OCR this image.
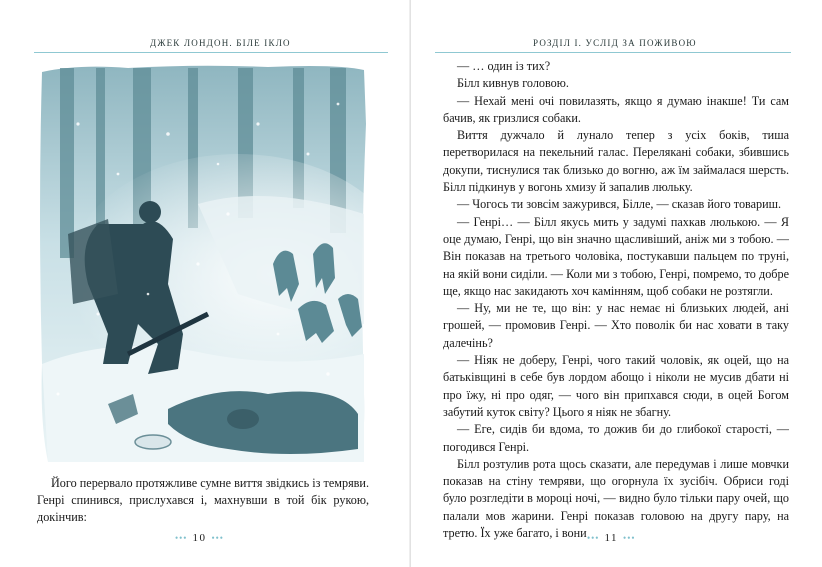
ДЖЕК ЛОНДОН. БІЛЕ ІКЛО
Його перервало протяжливе сумне виття звідкись із темряви. Генрі спинився, прислухався і, махнувши в той бік рукою, докінчив:
••• 10 •••
РОЗДІЛ І. УСЛІД ЗА ПОЖИВОЮ

— … один із тих?

Білл кивнув головою.

— Нехай мені очі повилазять, якщо я думаю інакше! Ти сам бачив, як гризлися собаки.

Виття дужчало й лунало тепер з усіх боків, тиша перетворилася на пекельний галас. Перелякані собаки, збившись докупи, тиснулися так близько до вогню, аж їм займалася шерсть. Білл підкинув у вогонь хмизу й запалив люльку.

— Чогось ти зовсім зажурився, Білле, — сказав його товариш.

— Генрі… — Білл якусь мить у задумі пахкав люлькою. — Я оце думаю, Генрі, що він значно щасливіший, аніж ми з тобою. — Він показав на третього чоловіка, постукавши пальцем по труні, на якій вони сиділи. — Коли ми з тобою, Генрі, помремо, то добре ще, якщо нас закидають хоч камінням, щоб собаки не розтягли.

— Ну, ми не те, що він: у нас немає ні близьких людей, ані грошей, — промовив Генрі. — Хто поволік би нас ховати в таку далечінь?

— Ніяк не доберу, Генрі, чого такий чоловік, як оцей, що на батьківщині в себе був лордом абощо і ніколи не мусив дбати ні про їжу, ні про одяг, — чого він припхався сюди, в оцей Богом забутий куток світу? Цього я ніяк не збагну.

— Еге, сидів би вдома, то дожив би до глибокої старості, — погодився Генрі.

Білл розтулив рота щось сказати, але передумав і лише мовчки показав на стіну темряви, що огорнула їх зусібіч. Обриси годі було розгледіти в мороці ночі, — видно було тільки пару очей, що палали мов жарини. Генрі показав головою на другу пару, на третю. Їх уже багато, і вони ••• 11 •••
